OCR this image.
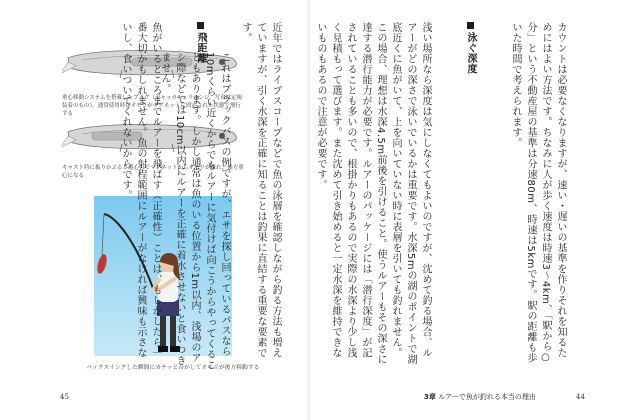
重心移動システムを搭載したプラグ（ジャッカル・リルンジ。写真は定規装着のもの）。通常使用時はオモリがマグネットに固定された状態で飛行する
キャスト時に振りかぶると遠心力でマグネットからオモリが離れ、後方重心になる
バックスイングした瞬間にカチッと音がしてオモリが後方移動する

これはブラックバスの例ですが、エサを探し回っているバスなら10mくらい近くからでもルアーに気付けば向こうからやってくることもあります。しかし通常は魚のいる位置から1m以内、浅場のアシ際などでは10cm以内にルアーを正確に着水させないと食いつきません。

45

カウントは必要なくなりますが、速い・遅いの基準を作りそれを知るためにはよい方法です。ちなみに人が歩く速度は時速3〜4km、「駅から○分」という不動産屋の基準は分速80m、時速は5kmです。駅の距離も歩いた時間で考えられます。

泳ぐ深度

浅い場所なら深度は気にしなくてもよいのですが、沈めて釣る場合、ルアーがどの深さで泳いでいるかは重要です。水深5mの湖のポイントで湖底近くに魚がいて、上を向いていない時に表層を引いても釣れません。この場合、理想は水深4.5m前後を引けること。使うルアーもその深さに達する潜行能力が必要です。ルアーのパッケージには「潜行深度」が記されていることも多いので、根掛かりもあるので実際の水深より少し浅く見積もって選びます。また沈めて引き始めると一定水深を維持できないものもあるので注意が必要です。

近年ではライブスコープなどで魚の泳層を確認しながら釣る方法も増えていますが、引く水深を正確に知ることは釣果に直結する重要な要素です。

飛距離

魚がいるところまでルアーを飛ばす（正確性）ことは、もしかしたら一番大切かもしれません。魚の射程範囲にルアーがなければ興味も示さないし、食いついてくれないからです。

3章 ルアーで魚が釣れる本当の理由	44
